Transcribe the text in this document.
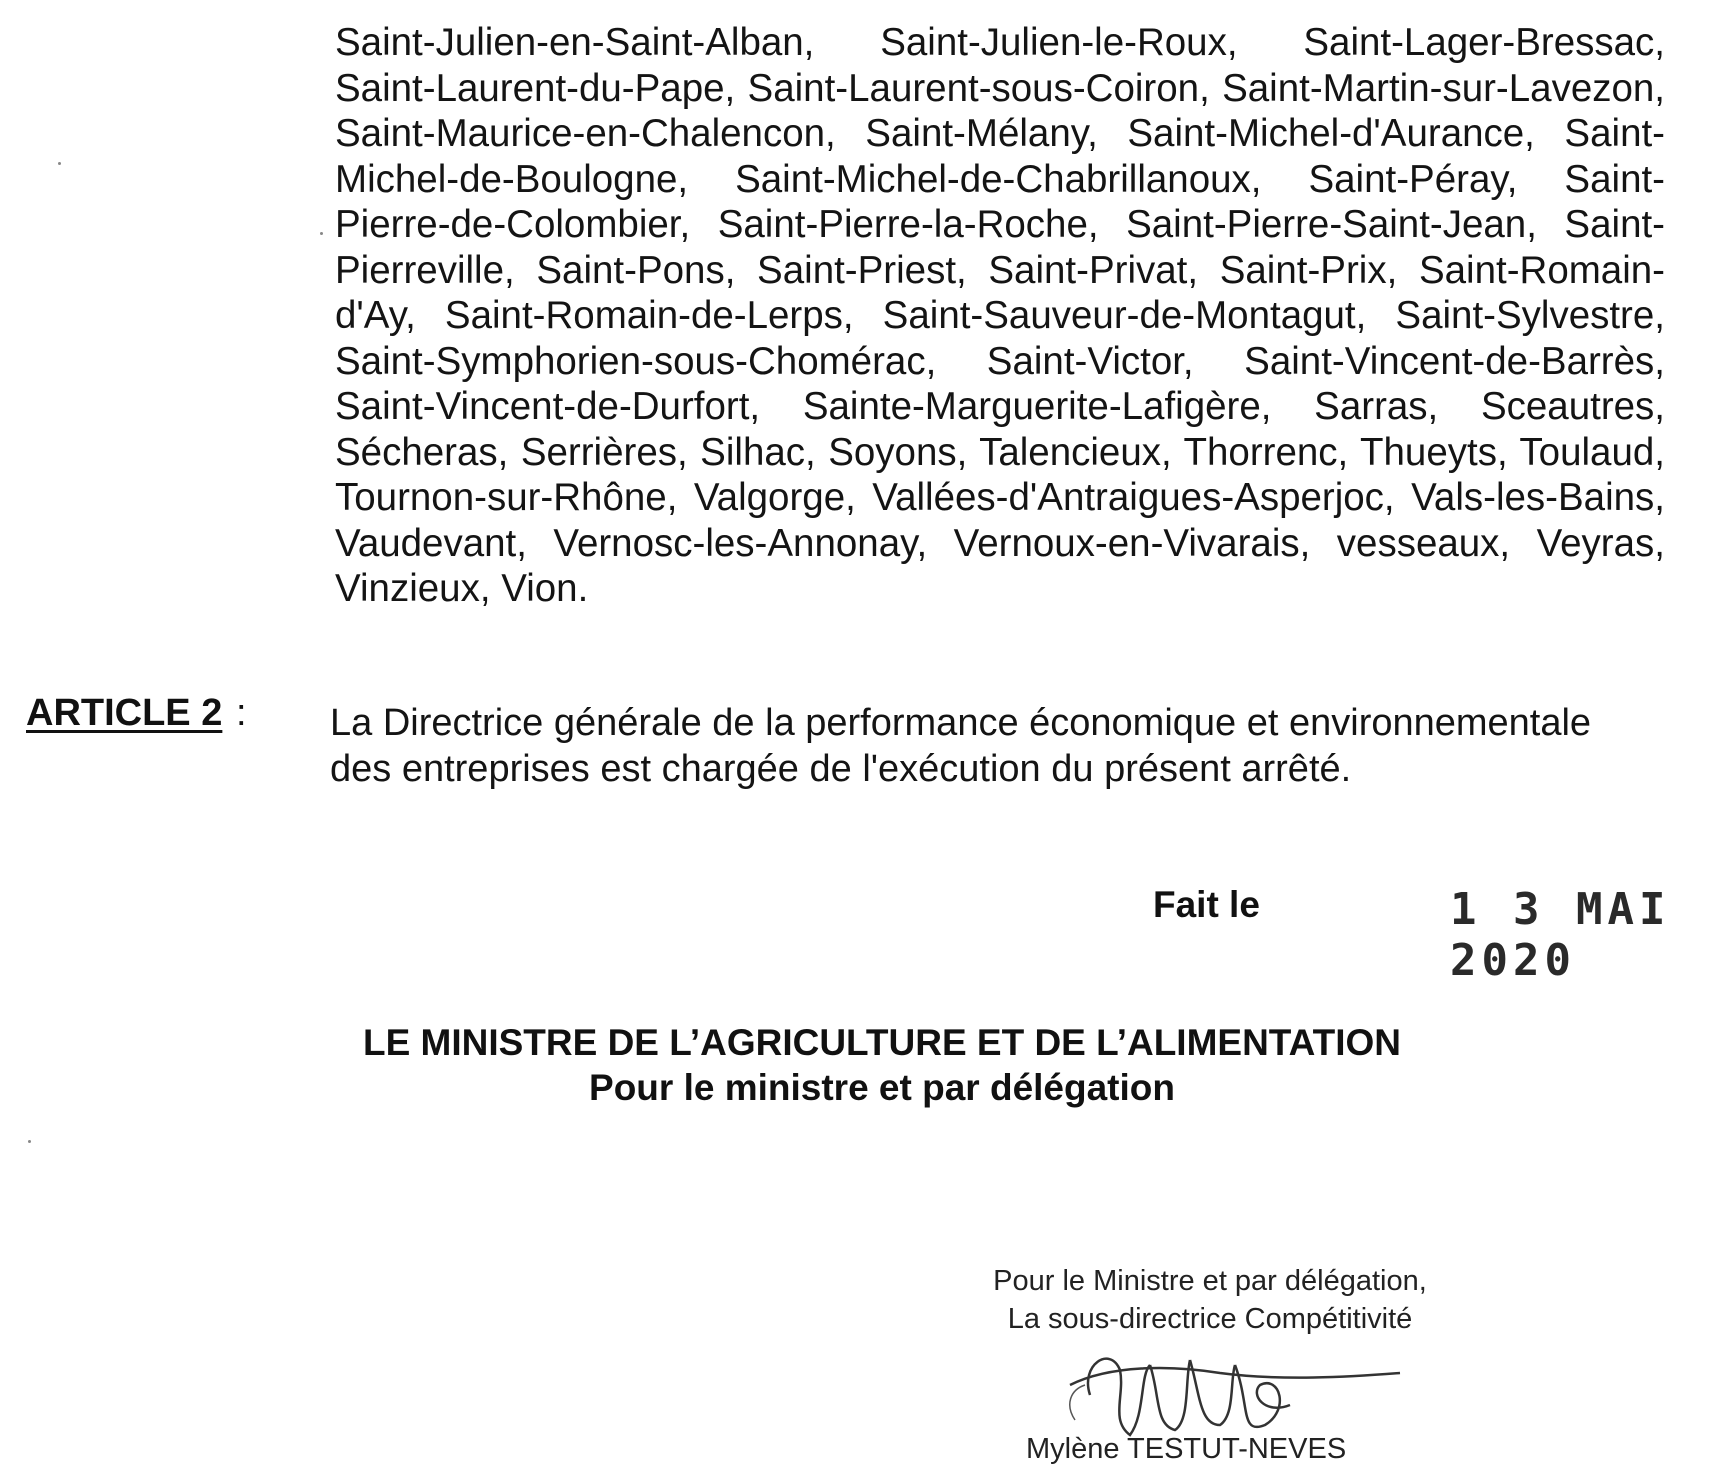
Saint-Julien-en-Saint-Alban, Saint-Julien-le-Roux, Saint-Lager-Bressac, Saint-Laurent-du-Pape, Saint-Laurent-sous-Coiron, Saint-Martin-sur-Lavezon, Saint-Maurice-en-Chalencon, Saint-Mélany, Saint-Michel-d'Aurance, Saint-Michel-de-Boulogne, Saint-Michel-de-Chabrillanoux, Saint-Péray, Saint-Pierre-de-Colombier, Saint-Pierre-la-Roche, Saint-Pierre-Saint-Jean, Saint-Pierreville, Saint-Pons, Saint-Priest, Saint-Privat, Saint-Prix, Saint-Romain-d'Ay, Saint-Romain-de-Lerps, Saint-Sauveur-de-Montagut, Saint-Sylvestre, Saint-Symphorien-sous-Chomérac, Saint-Victor, Saint-Vincent-de-Barrès, Saint-Vincent-de-Durfort, Sainte-Marguerite-Lafigère, Sarras, Sceautres, Sécheras, Serrières, Silhac, Soyons, Talencieux, Thorrenc, Thueyts, Toulaud, Tournon-sur-Rhône, Valgorge, Vallées-d'Antraigues-Asperjoc, Vals-les-Bains, Vaudevant, Vernosc-les-Annonay, Vernoux-en-Vivarais, vesseaux, Veyras, Vinzieux, Vion.
ARTICLE 2 : La Directrice générale de la performance économique et environnementale des entreprises est chargée de l'exécution du présent arrêté.
Fait le	1 3 MAI 2020
LE MINISTRE DE L’AGRICULTURE ET DE L’ALIMENTATION
Pour le ministre et par délégation
Pour le Ministre et par délégation,
La sous-directrice Compétitivité
Mylène TESTUT-NEVES
